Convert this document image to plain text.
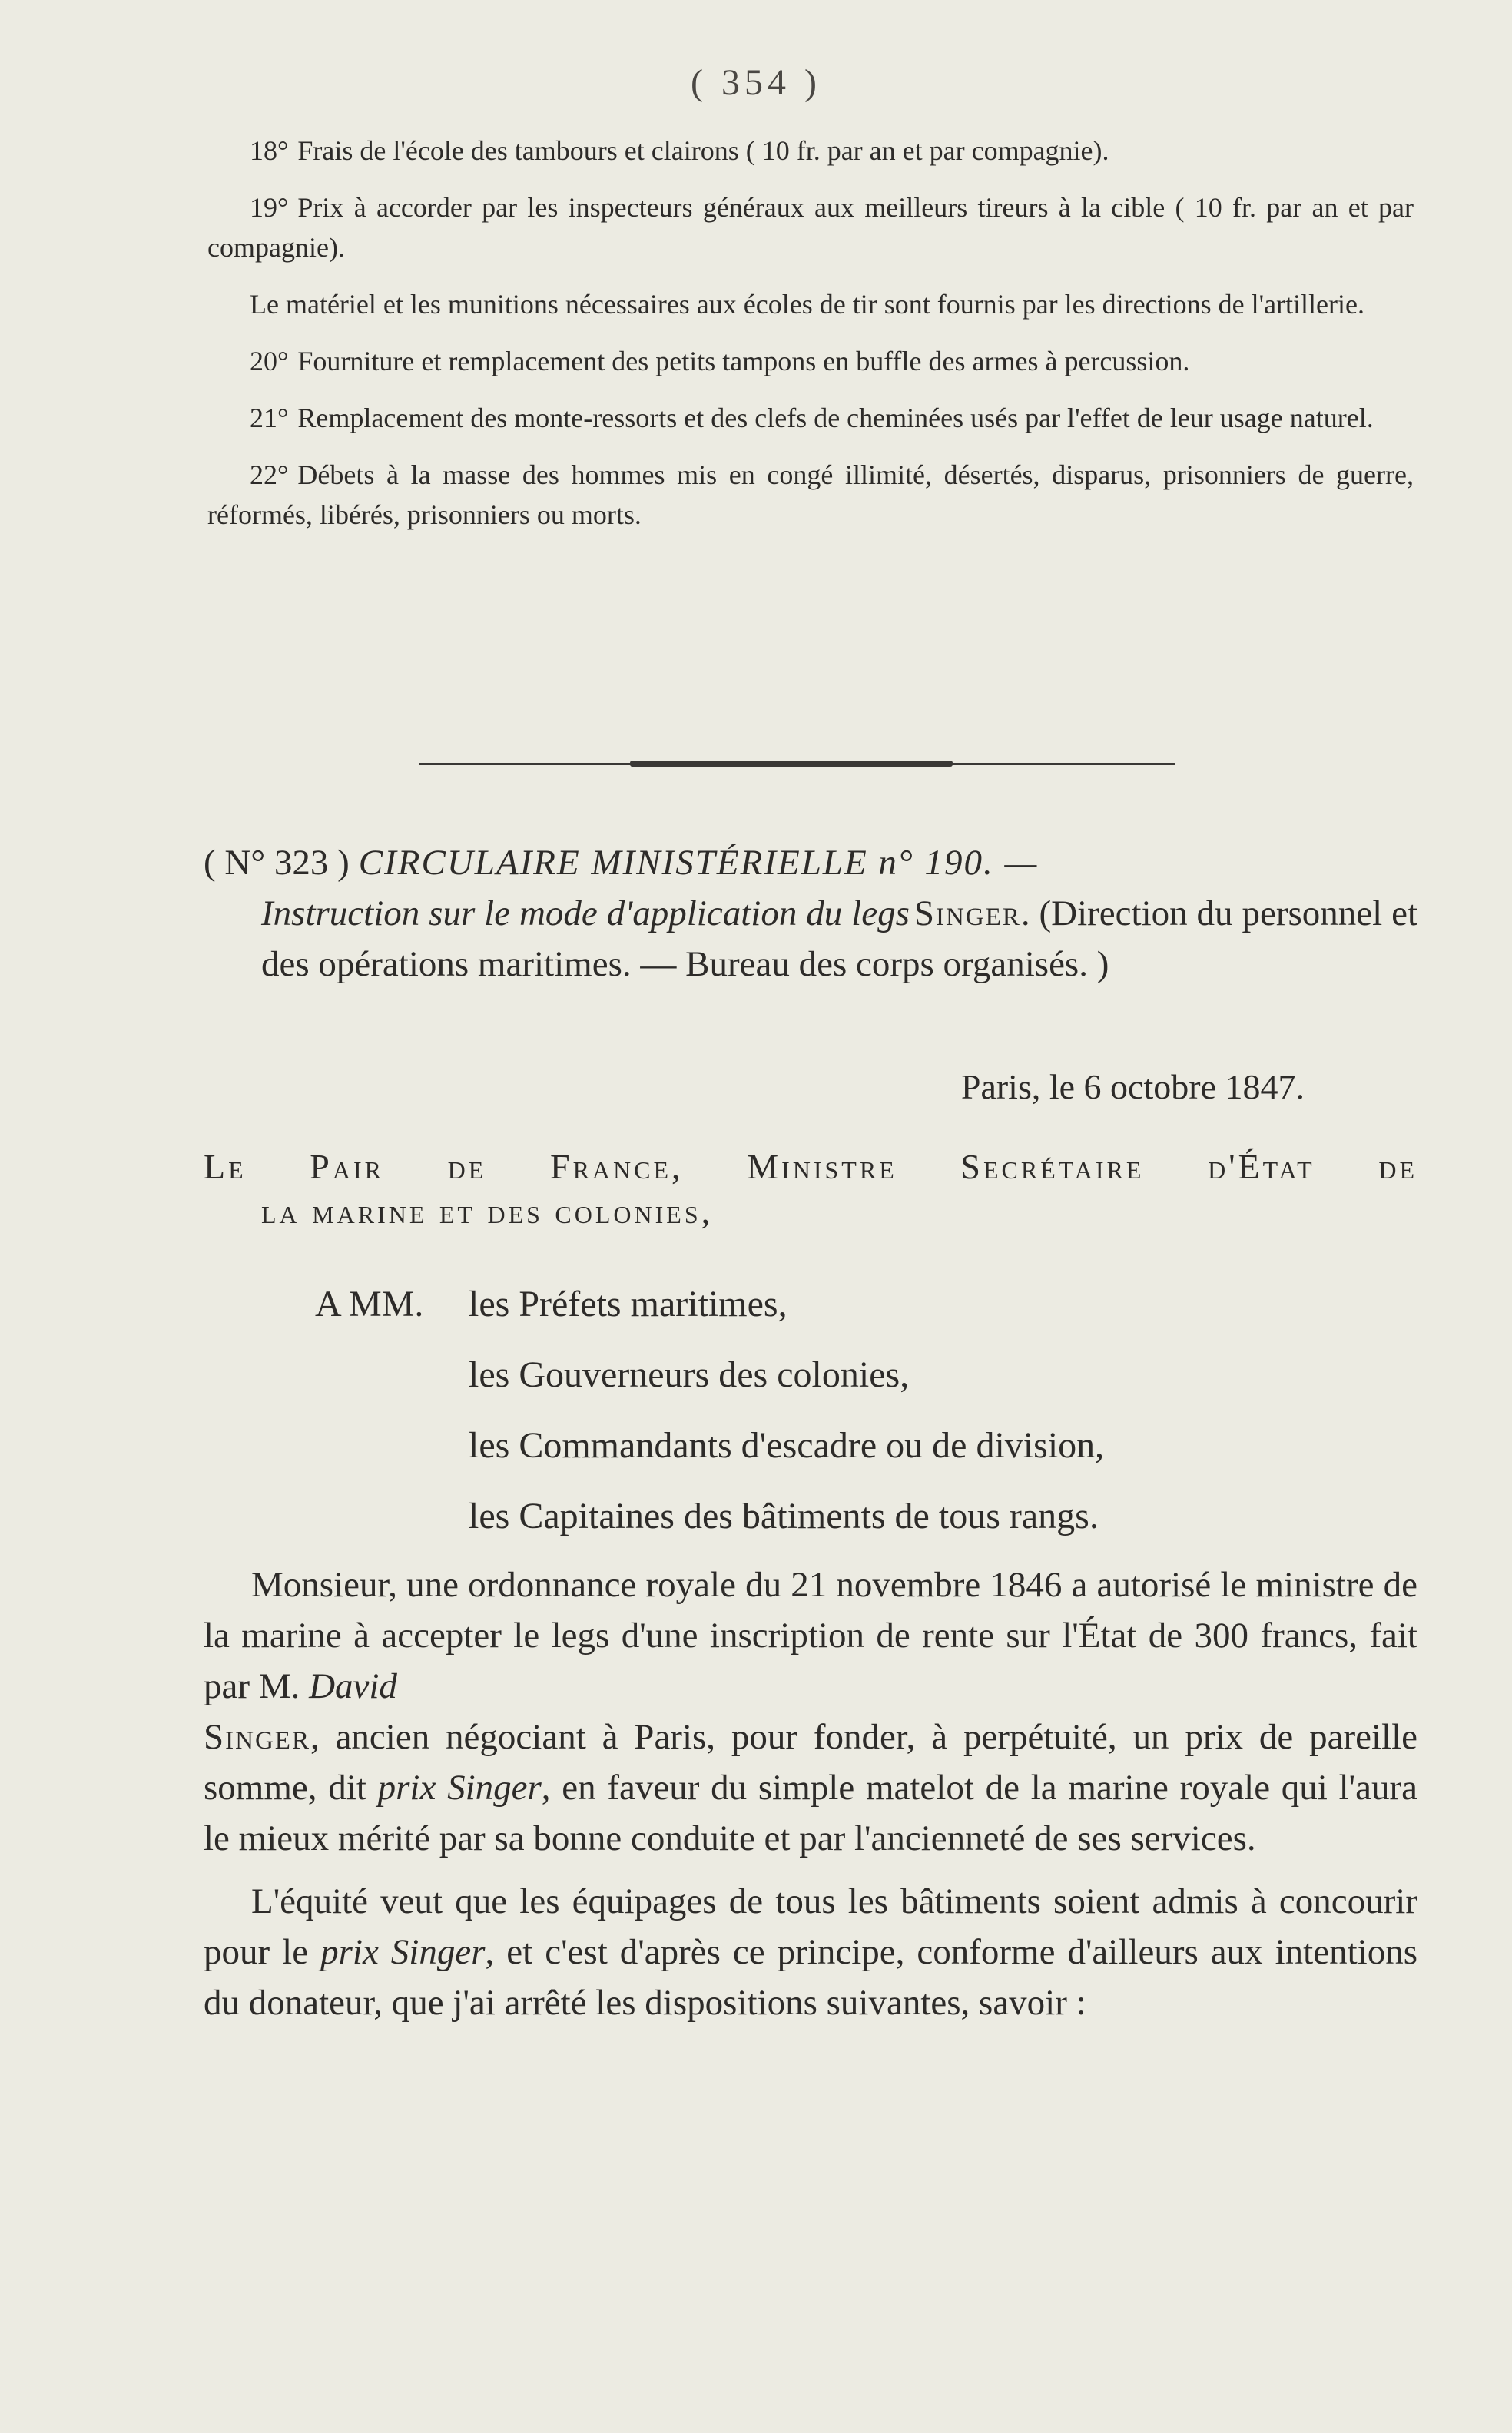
( 354 )

18° Frais de l'école des tambours et clairons ( 10 fr. par an et par compagnie).

19° Prix à accorder par les inspecteurs généraux aux meilleurs tireurs à la cible ( 10 fr. par an et par compagnie).

Le matériel et les munitions nécessaires aux écoles de tir sont fournis par les directions de l'artillerie.

20° Fourniture et remplacement des petits tampons en buffle des armes à percussion.

21° Remplacement des monte-ressorts et des clefs de cheminées usés par l'effet de leur usage naturel.

22° Débets à la masse des hommes mis en congé illimité, désertés, disparus, prisonniers de guerre, réformés, libérés, prisonniers ou morts.

( N° 323 ) CIRCULAIRE MINISTÉRIELLE n° 190. —
Instruction sur le mode d'application du legs Singer. (Direction du personnel et des opérations maritimes. — Bureau des corps organisés. )
Paris, le 6 octobre 1847.
Le Pair de France, Ministre Secrétaire d'État de
la marine et des colonies,
A MM. les Préfets maritimes,
les Gouverneurs des colonies,
les Commandants d'escadre ou de division,
les Capitaines des bâtiments de tous rangs.

Monsieur, une ordonnance royale du 21 novembre 1846 a autorisé le ministre de la marine à accepter le legs d'une inscription de rente sur l'État de 300 francs, fait par M. David
Singer, ancien négociant à Paris, pour fonder, à perpétuité, un prix de pareille somme, dit prix Singer, en faveur du simple matelot de la marine royale qui l'aura le mieux mérité par sa bonne conduite et par l'ancienneté de ses services.

L'équité veut que les équipages de tous les bâtiments soient admis à concourir pour le prix Singer, et c'est d'après ce principe, conforme d'ailleurs aux intentions du donateur, que j'ai arrêté les dispositions suivantes, savoir :
